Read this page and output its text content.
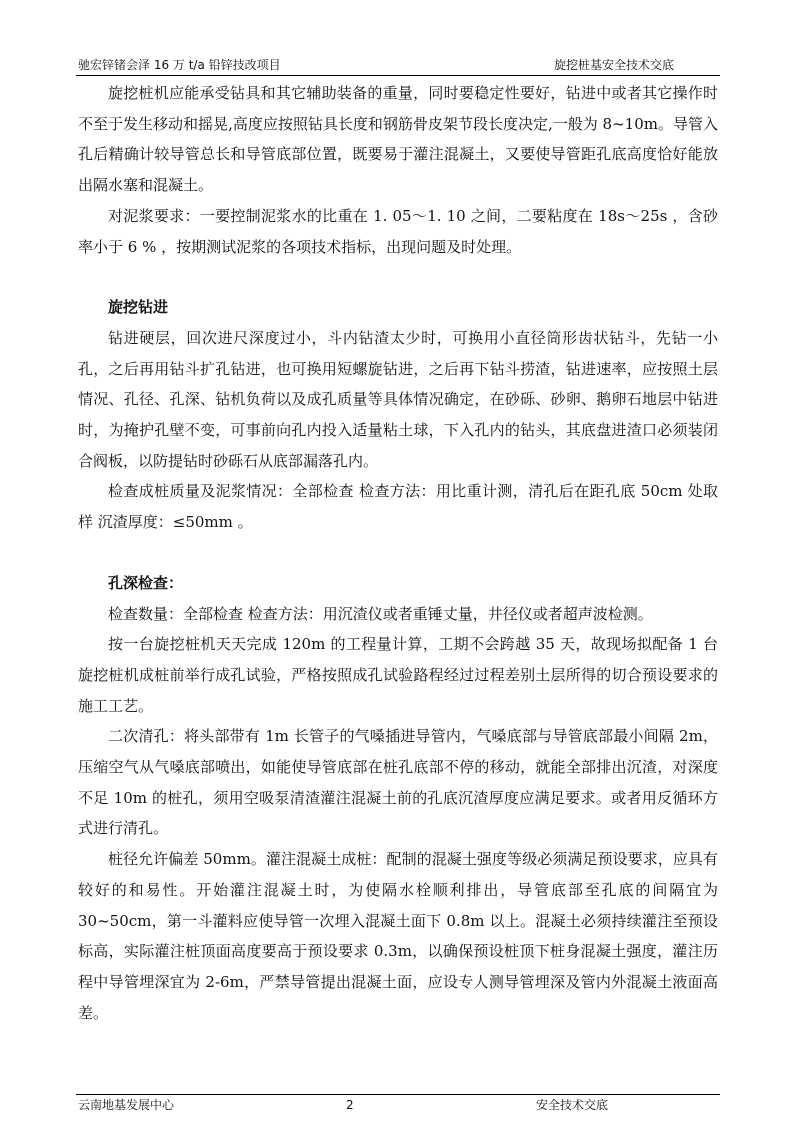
驰宏锌锗会泽 16 万 t/a 铅锌技改项目	旋挖桩基安全技术交底

旋挖桩机应能承受钻具和其它辅助装备的重量，同时要稳定性要好，钻进中或者其它操作时不至于发生移动和摇晃,高度应按照钻具长度和钢筋骨皮架节段长度决定,一般为 8~10m。导管入孔后精确计较导管总长和导管底部位置，既要易于灌注混凝土，又要使导管距孔底高度恰好能放出隔水塞和混凝土。

对泥浆要求：一要控制泥浆水的比重在 1. 05～1. 10 之间，二要粘度在 18s～25s ，含砂率小于 6 % ，按期测试泥浆的各项技术指标，出现问题及时处理。

旋挖钻进

钻进硬层，回次进尺深度过小，斗内钻渣太少时，可换用小直径筒形齿状钻斗，先钻一小孔，之后再用钻斗扩孔钻进，也可换用短螺旋钻进，之后再下钻斗捞渣，钻进速率，应按照土层情况、孔径、孔深、钻机负荷以及成孔质量等具体情况确定，在砂砾、砂卵、鹅卵石地层中钻进时，为掩护孔壁不变，可事前向孔内投入适量粘土球，下入孔内的钻头，其底盘进渣口必须装闭合阀板，以防提钻时砂砾石从底部漏落孔内。

检查成桩质量及泥浆情况：全部检查 检查方法：用比重计测，清孔后在距孔底 50cm 处取样 沉渣厚度：≤50mm 。

孔深检查：

检查数量：全部检查 检查方法：用沉渣仪或者重锤丈量，井径仪或者超声波检测。

按一台旋挖桩机天天完成 120m 的工程量计算，工期不会跨越 35 天，故现场拟配备 1 台旋挖桩机成桩前举行成孔试验，严格按照成孔试验路程经过过程差别土层所得的切合预设要求的施工工艺。

二次清孔：将头部带有 1m 长管子的气嗓插进导管内，气嗓底部与导管底部最小间隔 2m，压缩空气从气嗓底部喷出，如能使导管底部在桩孔底部不停的移动，就能全部排出沉渣，对深度不足 10m 的桩孔，须用空吸泵清渣灌注混凝土前的孔底沉渣厚度应满足要求。或者用反循环方式进行清孔。

桩径允许偏差 50mm。灌注混凝土成桩：配制的混凝土强度等级必须满足预设要求，应具有较好的和易性。开始灌注混凝土时，为使隔水栓顺利排出，导管底部至孔底的间隔宜为 30~50cm，第一斗灌料应使导管一次埋入混凝土面下 0.8m 以上。混凝土必须持续灌注至预设标高，实际灌注桩顶面高度要高于预设要求 0.3m，以确保预设桩顶下桩身混凝土强度，灌注历程中导管埋深宜为 2-6m，严禁导管提出混凝土面，应设专人测导管埋深及管内外混凝土液面高差。

云南地基发展中心	2	安全技术交底
